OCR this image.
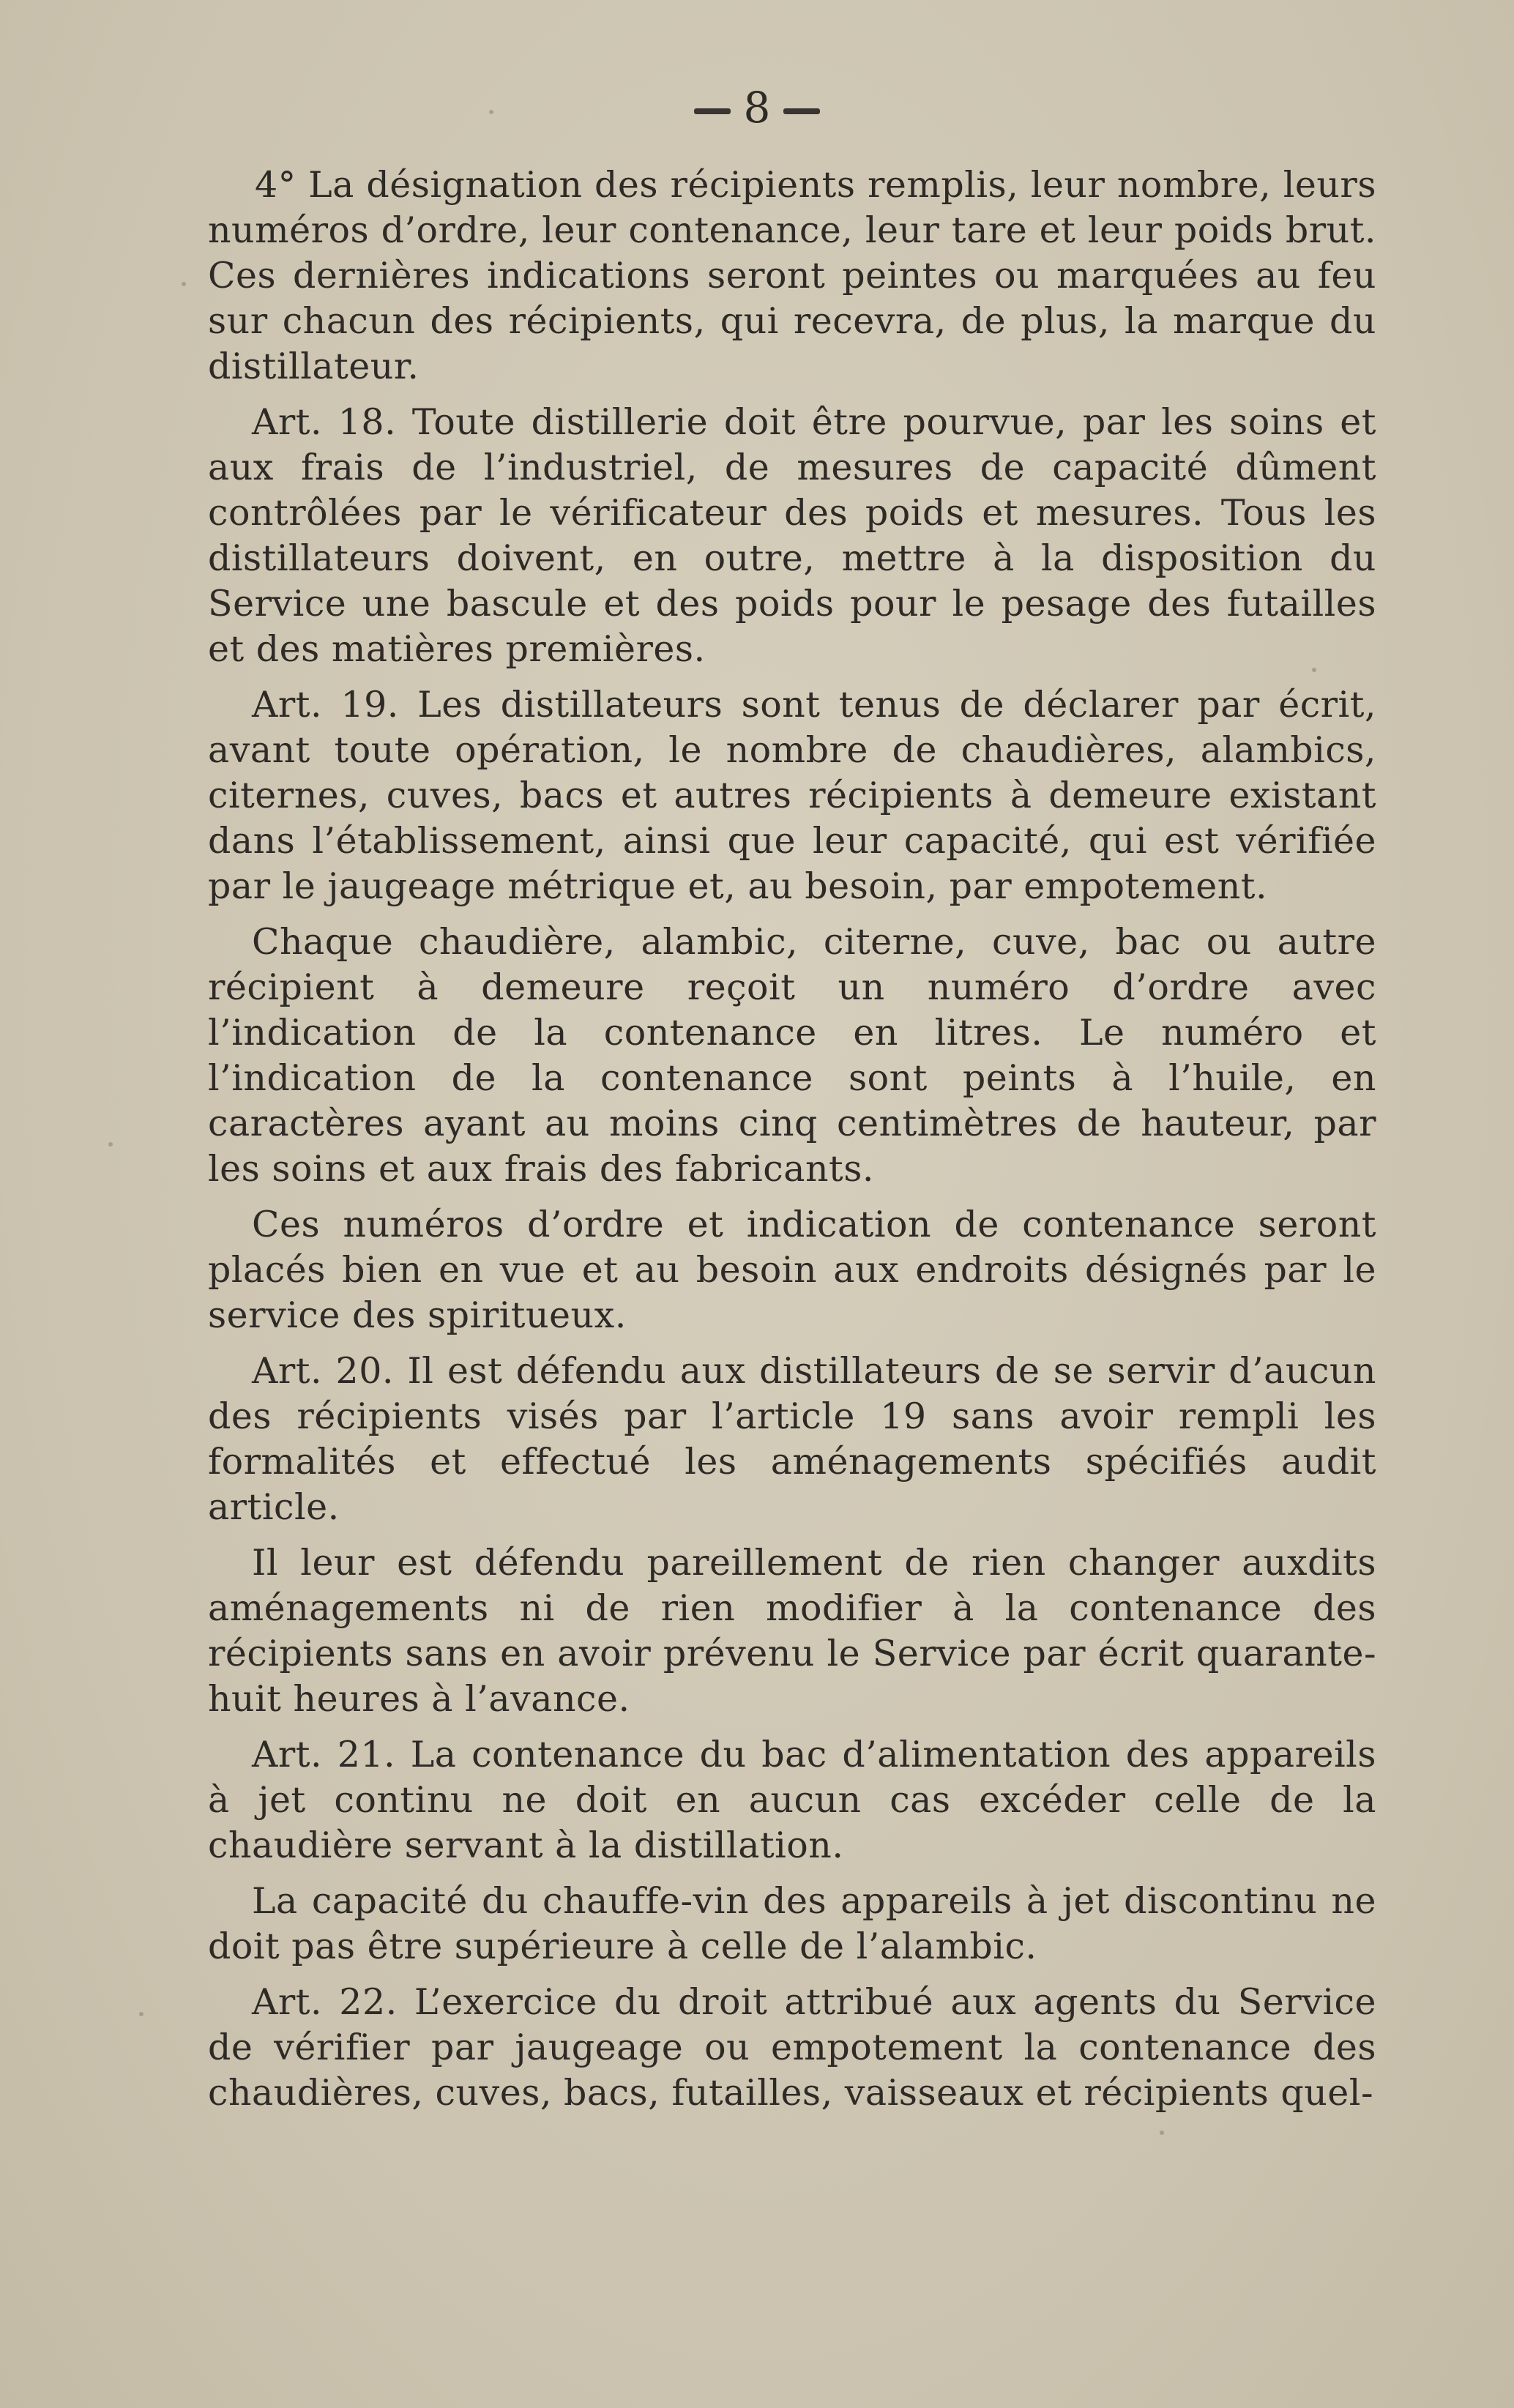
8

4° La désignation des récipients remplis, leur nombre, leurs numéros d’ordre, leur contenance, leur tare et leur poids brut. Ces dernières indications seront peintes ou marquées au feu sur chacun des récipients, qui recevra, de plus, la marque du distillateur.

Art. 18. Toute distillerie doit être pourvue, par les soins et aux frais de l’industriel, de mesures de capacité dûment contrôlées par le vérificateur des poids et mesures. Tous les distillateurs doivent, en outre, mettre à la disposition du Service une bascule et des poids pour le pesage des futailles et des matières premières.

Art. 19. Les distillateurs sont tenus de déclarer par écrit, avant toute opération, le nombre de chaudières, alambics, citernes, cuves, bacs et autres récipients à demeure existant dans l’établissement, ainsi que leur capacité, qui est vérifiée par le jaugeage métrique et, au besoin, par empotement.

Chaque chaudière, alambic, citerne, cuve, bac ou autre récipient à demeure reçoit un numéro d’ordre avec l’indication de la contenance en litres. Le numéro et l’indication de la contenance sont peints à l’huile, en caractères ayant au moins cinq centimètres de hauteur, par les soins et aux frais des fabricants.

Ces numéros d’ordre et indication de contenance seront placés bien en vue et au besoin aux endroits désignés par le service des spiritueux.

Art. 20. Il est défendu aux distillateurs de se servir d’aucun des récipients visés par l’article 19 sans avoir rempli les formalités et effectué les aménagements spécifiés audit article.

Il leur est défendu pareillement de rien changer auxdits aménagements ni de rien modifier à la contenance des récipients sans en avoir prévenu le Service par écrit quarante-huit heures à l’avance.

Art. 21. La contenance du bac d’alimentation des appareils à jet continu ne doit en aucun cas excéder celle de la chaudière servant à la distillation.

La capacité du chauffe-vin des appareils à jet discontinu ne doit pas être supérieure à celle de l’alambic.

Art. 22. L’exercice du droit attribué aux agents du Service de vérifier par jaugeage ou empotement la contenance des chaudières, cuves, bacs, futailles, vaisseaux et récipients quel-
